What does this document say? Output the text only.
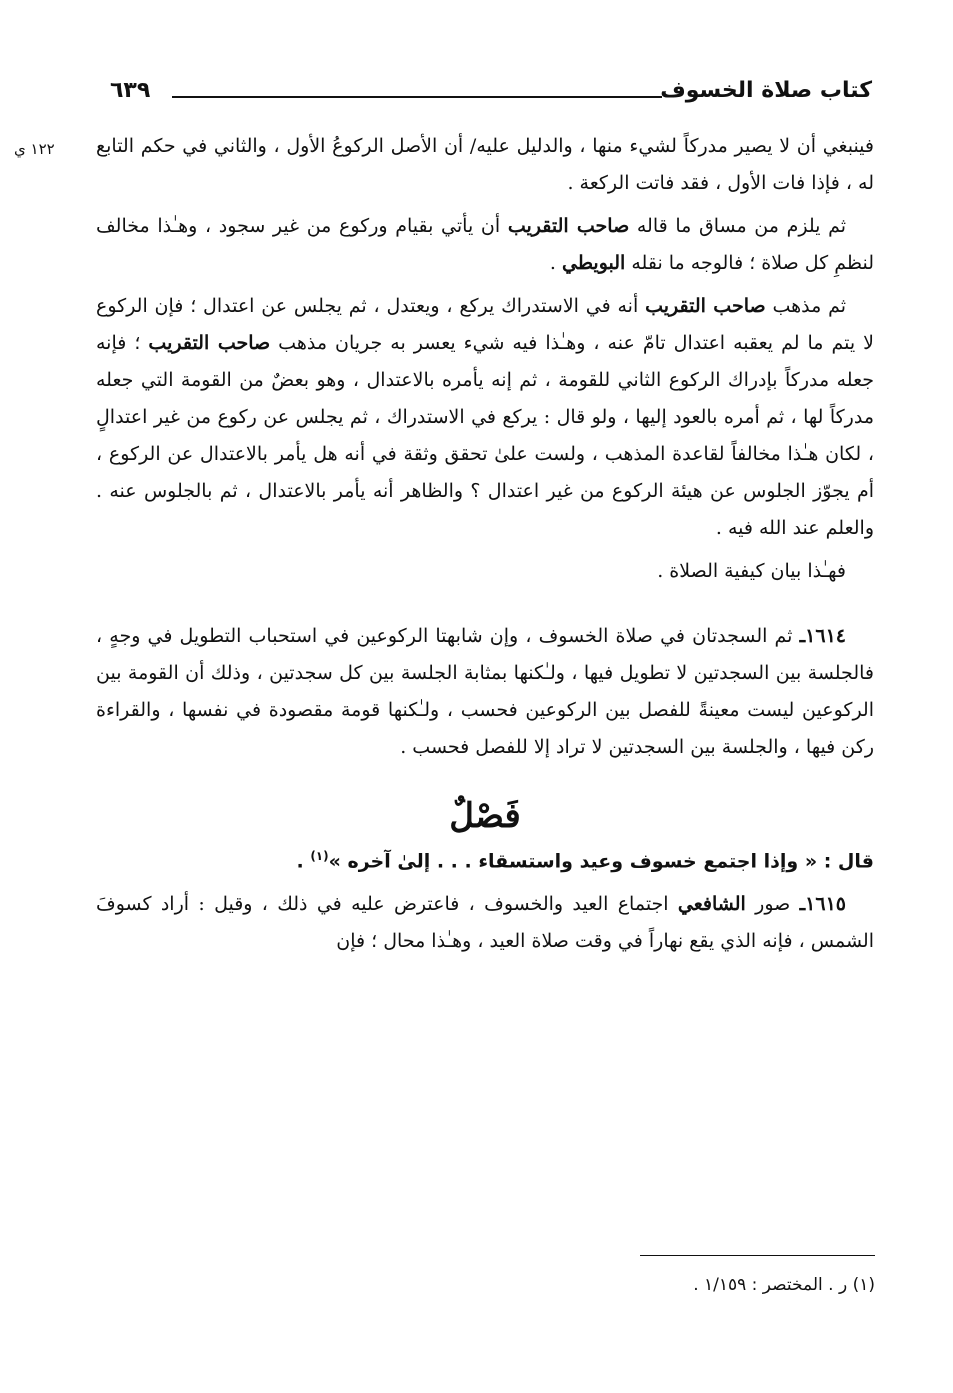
كتاب صلاة الخسوف
٦٣٩
١٢٢ ي فينبغي أن لا يصير مدركاً لشيء منها ، والدليل عليه/ أن الأصل الركوعُ الأول ، والثاني في حكم التابع له ، فإذا فات الأول ، فقد فاتت الركعة .

ثم يلزم من مساق ما قاله صاحب التقريب أن يأتي بقيام وركوع من غير سجود ، وهـٰذا مخالف لنظمِ كل صلاة ؛ فالوجه ما نقله البويطي .

ثم مذهب صاحب التقريب أنه في الاستدراك يركع ، ويعتدل ، ثم يجلس عن اعتدال ؛ فإن الركوع لا يتم ما لم يعقبه اعتدال تامّ عنه ، وهـٰذا فيه شيء يعسر به جريان مذهب صاحب التقريب ؛ فإنه جعله مدركاً بإدراك الركوع الثاني للقومة ، ثم إنه يأمره بالاعتدال ، وهو بعضٌ من القومة التي جعله مدركاً لها ، ثم أمره بالعود إليها ، ولو قال : يركع في الاستدراك ، ثم يجلس عن ركوع من غير اعتدالٍ ، لكان هـٰذا مخالفاً لقاعدة المذهب ، ولست علىٰ تحقق وثقة في أنه هل يأمر بالاعتدال عن الركوع ، أم يجوّز الجلوس عن هيئة الركوع من غير اعتدال ؟ والظاهر أنه يأمر بالاعتدال ، ثم بالجلوس عنه . والعلم عند الله فيه .

فهـٰذا بيان كيفية الصلاة .

١٦١٤ـ ثم السجدتان في صلاة الخسوف ، وإن شابهتا الركوعين في استحباب التطويل في وجهٍ ، فالجلسة بين السجدتين لا تطويل فيها ، ولـٰكنها بمثابة الجلسة بين كل سجدتين ، وذلك أن القومة بين الركوعين ليست معينةً للفصل بين الركوعين فحسب ، ولـٰكنها قومة مقصودة في نفسها ، والقراءة ركن فيها ، والجلسة بين السجدتين لا تراد إلا للفصل فحسب .

فَصْلٌ

قال : « وإذا اجتمع خسوف وعيد واستسقاء . . . إلىٰ آخره »$^{(١)}$ .

١٦١٥ـ صور الشافعي اجتماع العيد والخسوف ، فاعترض عليه في ذلك ، وقيل : أراد كسوفَ الشمس ، فإنه الذي يقع نهاراً في وقت صلاة العيد ، وهـٰذا محال ؛ فإن

(١) ر . المختصر : ١/١٥٩ .
